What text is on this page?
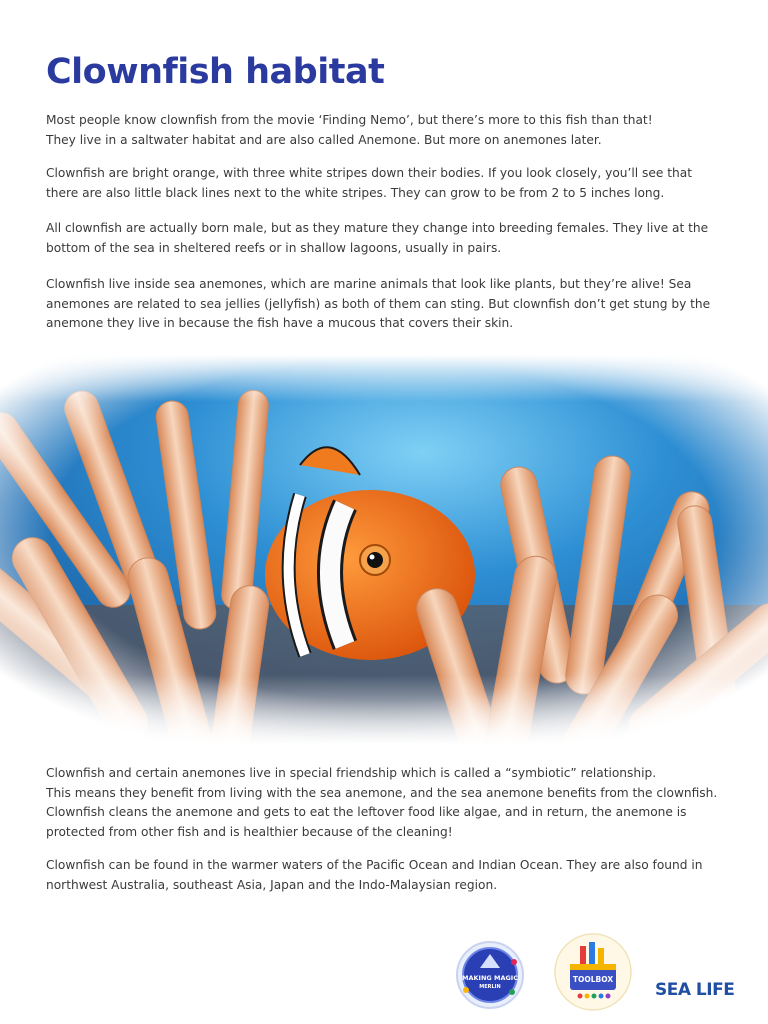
Clownfish habitat

Most people know clownfish from the movie ‘Finding Nemo’, but there’s more to this fish than that!
They live in a saltwater habitat and are also called Anemone. But more on anemones later.

Clownfish are bright orange, with three white stripes down their bodies. If you look closely, you’ll see that
there are also little black lines next to the white stripes. They can grow to be from 2 to 5 inches long.

All clownfish are actually born male, but as they mature they change into breeding females. They live at the
bottom of the sea in sheltered reefs or in shallow lagoons, usually in pairs.

Clownfish live inside sea anemones, which are marine animals that look like plants, but they’re alive! Sea
anemones are related to sea jellies (jellyfish) as both of them can sting. But clownfish don’t get stung by the
anemone they live in because the fish have a mucous that covers their skin.

Clownfish and certain anemones live in special friendship which is called a “symbiotic” relationship.
This means they benefit from living with the sea anemone, and the sea anemone benefits from the clownfish.
Clownfish cleans the anemone and gets to eat the leftover food like algae, and in return, the anemone is
protected from other fish and is healthier because of the cleaning!

Clownfish can be found in the warmer waters of the Pacific Ocean and Indian Ocean. They are also found in
northwest Australia, southeast Asia, Japan and the Indo-Malaysian region.

MAKING MAGIC
MERLIN
TOOLBOX
SEA LIFE
